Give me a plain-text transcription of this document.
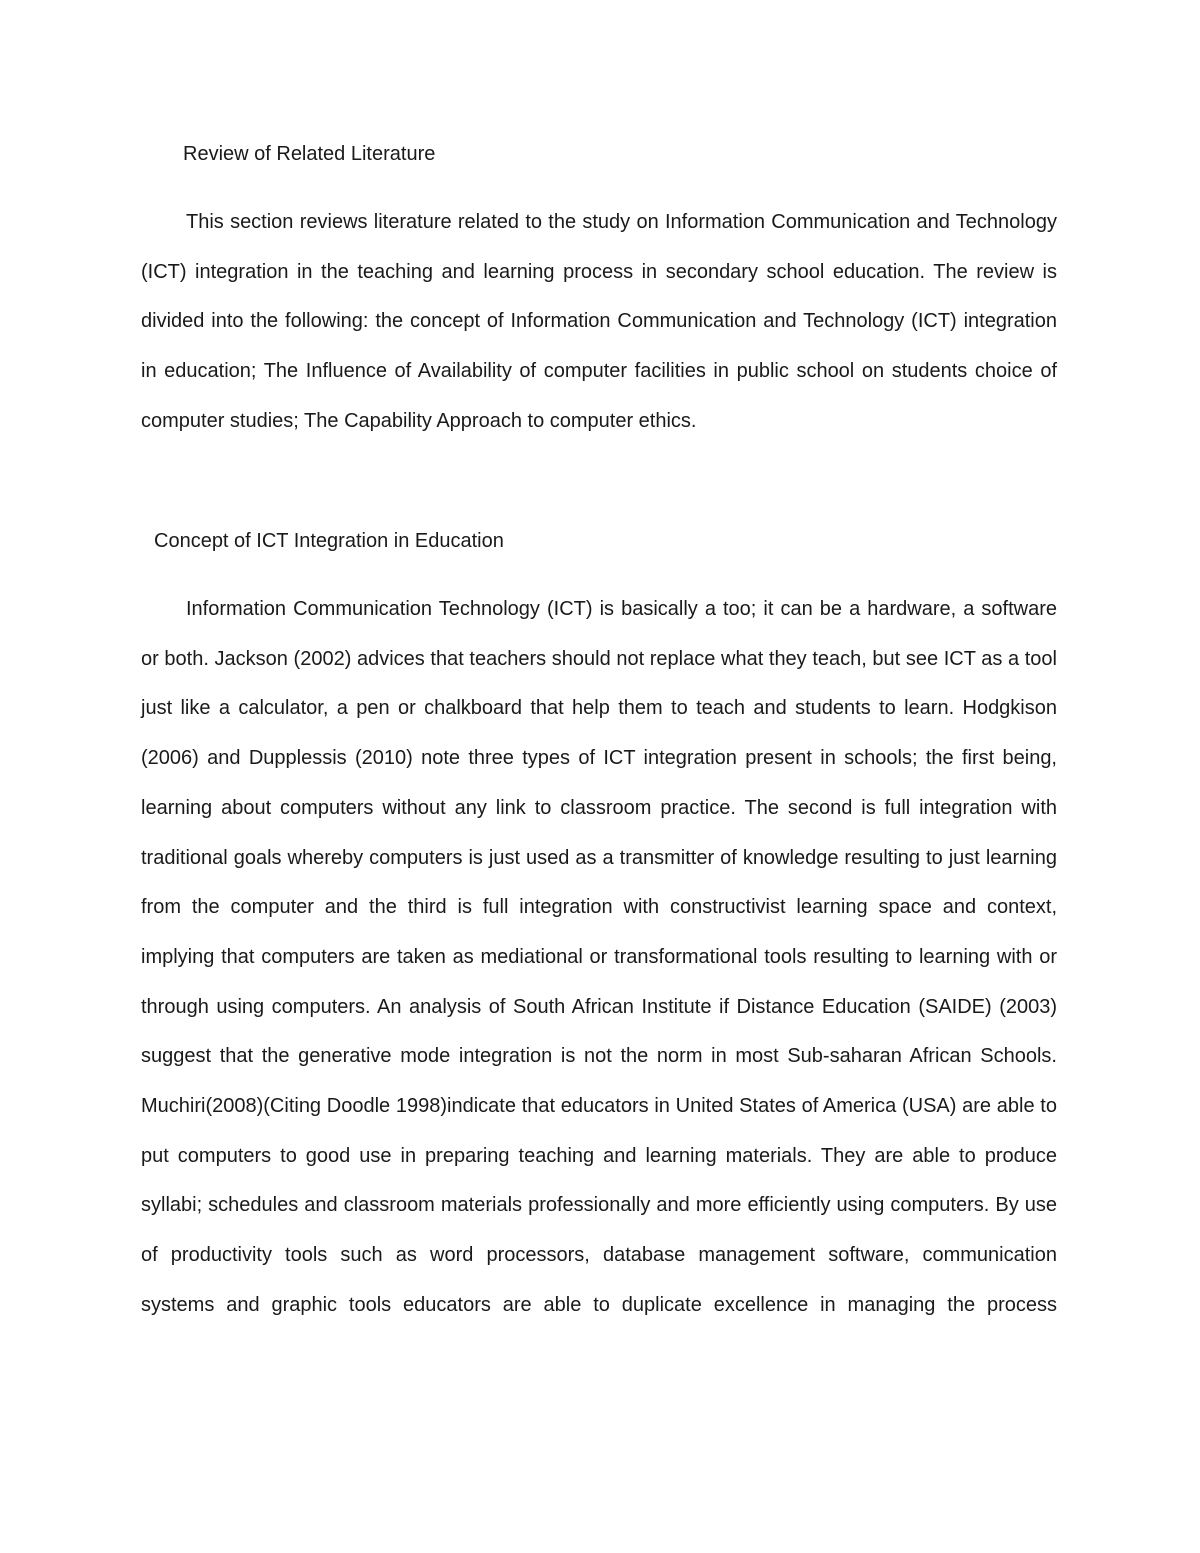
Review of Related Literature

This section reviews literature related to the study on Information Communication and Technology (ICT) integration in the teaching and learning process in secondary school education. The review is divided into the following: the concept of Information Communication and Technology (ICT) integration in education; The Influence of Availability of computer facilities in public school on students choice of computer studies; The Capability Approach to computer ethics.

Concept of ICT Integration in Education

Information Communication Technology (ICT) is basically a too; it can be a hardware, a software or both. Jackson (2002) advices that teachers should not replace what they teach, but see ICT as a tool just like a calculator, a pen or chalkboard that help them to teach and students to learn. Hodgkison (2006) and Dupplessis (2010) note three types of ICT integration present in schools; the first being, learning about computers without any link to classroom practice. The second is full integration with traditional goals whereby computers is just used as a transmitter of knowledge resulting to just learning from the computer and the third is full integration with constructivist learning space and context, implying that computers are taken as mediational or transformational tools resulting to learning with or through using computers. An analysis of South African Institute if Distance Education (SAIDE) (2003) suggest that the generative mode integration is not the norm in most Sub-saharan African Schools. Muchiri(2008)(Citing Doodle 1998)indicate that educators in United States of America (USA) are able to put computers to good use in preparing teaching and learning materials. They are able to produce syllabi; schedules and classroom materials professionally and more efficiently using computers. By use of productivity tools such as word processors, database management software, communication systems and graphic tools educators are able to duplicate excellence in managing the process
